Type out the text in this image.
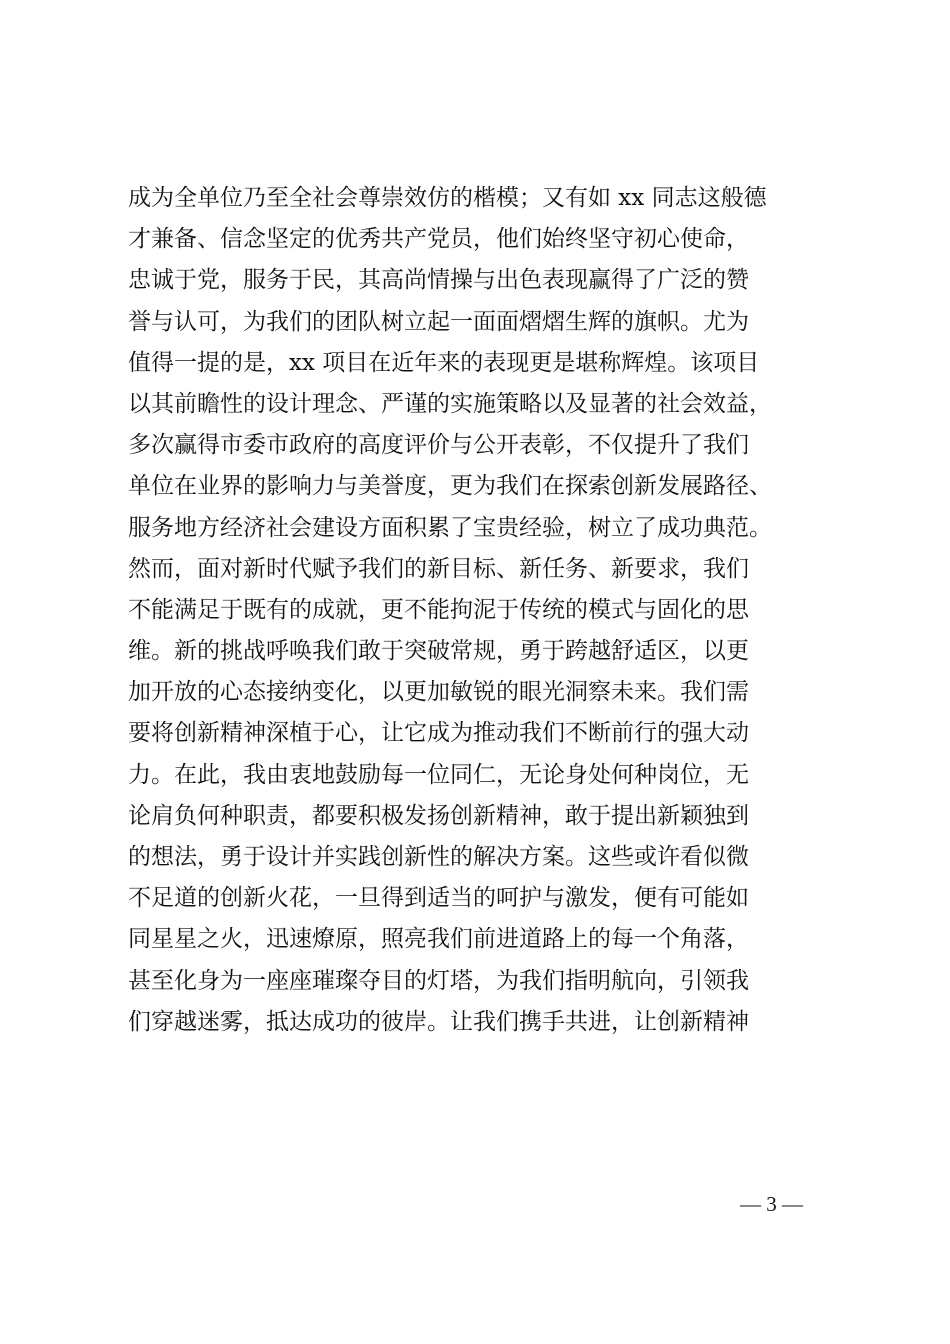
成为全单位乃至全社会尊崇效仿的楷模；又有如 xx 同志这般德
才兼备、信念坚定的优秀共产党员，他们始终坚守初心使命，
忠诚于党，服务于民，其高尚情操与出色表现赢得了广泛的赞
誉与认可，为我们的团队树立起一面面熠熠生辉的旗帜。尤为
值得一提的是，xx 项目在近年来的表现更是堪称辉煌。该项目
以其前瞻性的设计理念、严谨的实施策略以及显著的社会效益，
多次赢得市委市政府的高度评价与公开表彰，不仅提升了我们
单位在业界的影响力与美誉度，更为我们在探索创新发展路径、
服务地方经济社会建设方面积累了宝贵经验，树立了成功典范。
然而，面对新时代赋予我们的新目标、新任务、新要求，我们
不能满足于既有的成就，更不能拘泥于传统的模式与固化的思
维。新的挑战呼唤我们敢于突破常规，勇于跨越舒适区，以更
加开放的心态接纳变化，以更加敏锐的眼光洞察未来。我们需
要将创新精神深植于心，让它成为推动我们不断前行的强大动
力。在此，我由衷地鼓励每一位同仁，无论身处何种岗位，无
论肩负何种职责，都要积极发扬创新精神，敢于提出新颖独到
的想法，勇于设计并实践创新性的解决方案。这些或许看似微
不足道的创新火花，一旦得到适当的呵护与激发，便有可能如
同星星之火，迅速燎原，照亮我们前进道路上的每一个角落，
甚至化身为一座座璀璨夺目的灯塔，为我们指明航向，引领我
们穿越迷雾，抵达成功的彼岸。让我们携手共进，让创新精神
— 3 —
